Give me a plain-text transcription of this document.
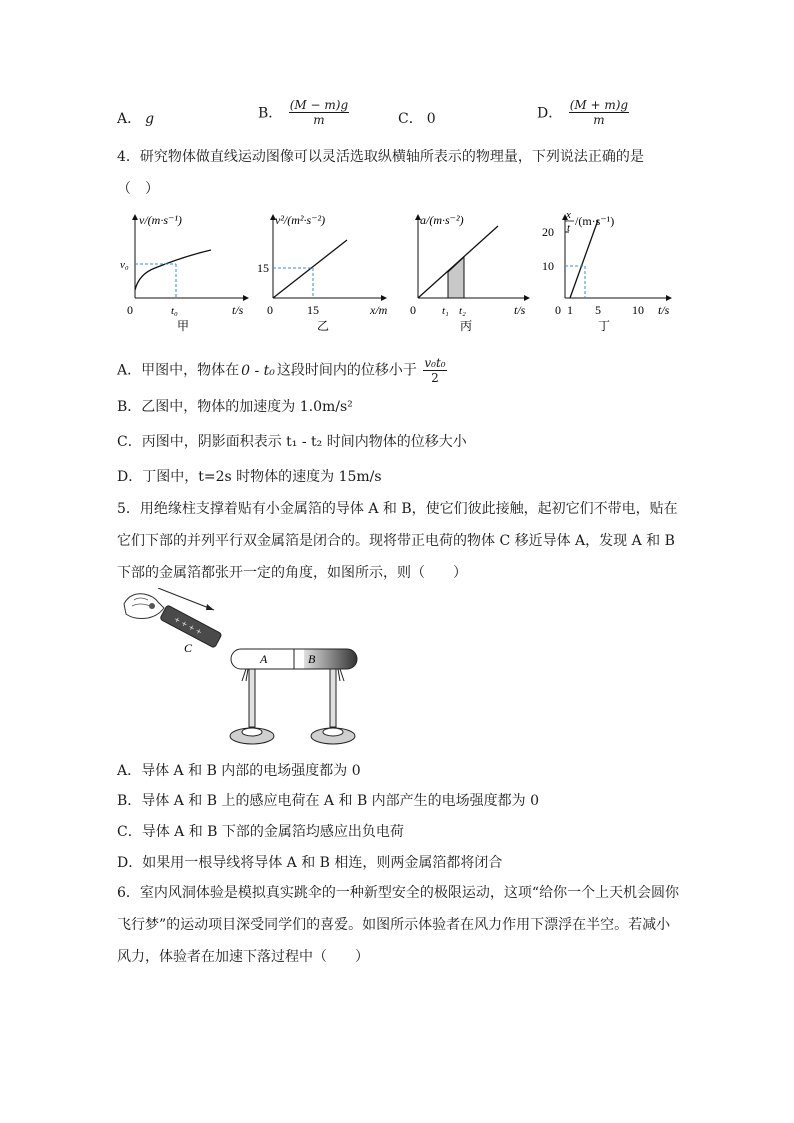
A． g	B． $\frac{(M - m)g}{m}$	C． 0	D． $\frac{(M + m)g}{m}$
4．研究物体做直线运动图像可以灵活选取纵横轴所表示的物理量，下列说法正确的是
（　）
v/(m·s⁻¹)
v₀
0	t₀	t/s
甲
v²/(m²·s⁻²)
15
0	15	x/m
乙
a/(m·s⁻²)
0 t₁ t₂	t/s
丙
x
t /(m·s⁻¹)
20
10
0 1 5	10 t/s
丁
A．甲图中，物体在 0 - t₀ 这段时间内的位移小于 $\frac{\text{v₀t₀}}{2}$
B．乙图中，物体的加速度为 1.0m/s²
C．丙图中，阴影面积表示 t₁ - t₂ 时间内物体的位移大小
D．丁图中，t=2s 时物体的速度为 15m/s
5．用绝缘柱支撑着贴有小金属箔的导体 A 和 B，使它们彼此接触，起初它们不带电，贴在
它们下部的并列平行双金属箔是闭合的。现将带正电荷的物体 C 移近导体 A，发现 A 和 B
下部的金属箔都张开一定的角度，如图所示，则（　　）
+ + + +
C
A	B
A．导体 A 和 B 内部的电场强度都为 0
B．导体 A 和 B 上的感应电荷在 A 和 B 内部产生的电场强度都为 0
C．导体 A 和 B 下部的金属箔均感应出负电荷
D．如果用一根导线将导体 A 和 B 相连，则两金属箔都将闭合
6．室内风洞体验是模拟真实跳伞的一种新型安全的极限运动，这项“给你一个上天机会圆你
飞行梦”的运动项目深受同学们的喜爱。如图所示体验者在风力作用下漂浮在半空。若减小
风力，体验者在加速下落过程中（　　）
